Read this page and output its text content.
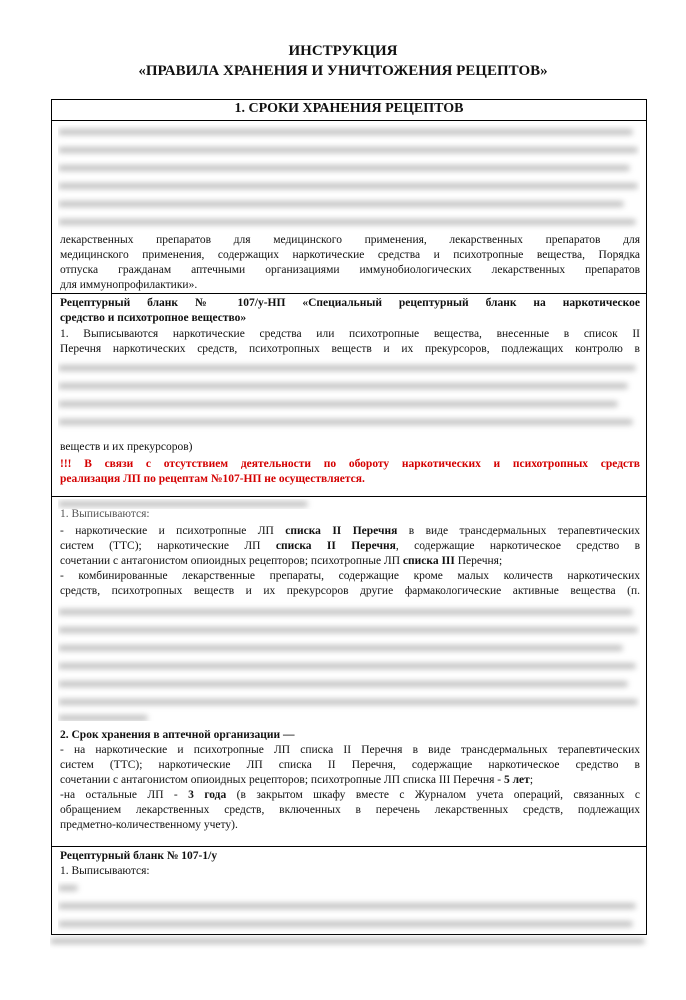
ИНСТРУКЦИЯ
«ПРАВИЛА ХРАНЕНИЯ И УНИЧТОЖЕНИЯ РЕЦЕПТОВ»
1. СРОКИ ХРАНЕНИЯ РЕЦЕПТОВ
лекарственных препаратов для медицинского применения, лекарственных препаратов для
медицинского применения, содержащих наркотические средства и психотропные вещества, Порядка
отпуска гражданам аптечными организациями иммунобиологических лекарственных препаратов
для иммунопрофилактики».
Рецептурный бланк № 107/у-НП «Специальный рецептурный бланк на наркотическое
средство и психотропное вещество»
1. Выписываются наркотические средства или психотропные вещества, внесенные в список II
Перечня наркотических средств, психотропных веществ и их прекурсоров, подлежащих контролю в
веществ и их прекурсоров)
!!! В связи с отсутствием деятельности по обороту наркотических и психотропных средств
реализация ЛП по рецептам №107-НП не осуществляется.
1. Выписываются:
- наркотические и психотропные ЛП списка II Перечня в виде трансдермальных терапевтических
систем (ТТС); наркотические ЛП списка II Перечня, содержащие наркотическое средство в
сочетании с антагонистом опиоидных рецепторов; психотропные ЛП списка III Перечня;
- комбинированные лекарственные препараты, содержащие кроме малых количеств наркотических
средств, психотропных веществ и их прекурсоров другие фармакологические активные вещества (п.
2. Срок хранения в аптечной организации —
- на наркотические и психотропные ЛП списка II Перечня в виде трансдермальных терапевтических
систем (ТТС); наркотические ЛП списка II Перечня, содержащие наркотическое средство в
сочетании с антагонистом опиоидных рецепторов; психотропные ЛП списка III Перечня - 5 лет;
-на остальные ЛП - 3 года (в закрытом шкафу вместе с Журналом учета операций, связанных с
обращением лекарственных средств, включенных в перечень лекарственных средств, подлежащих
предметно-количественному учету).
Рецептурный бланк № 107-1/у
1. Выписываются:
